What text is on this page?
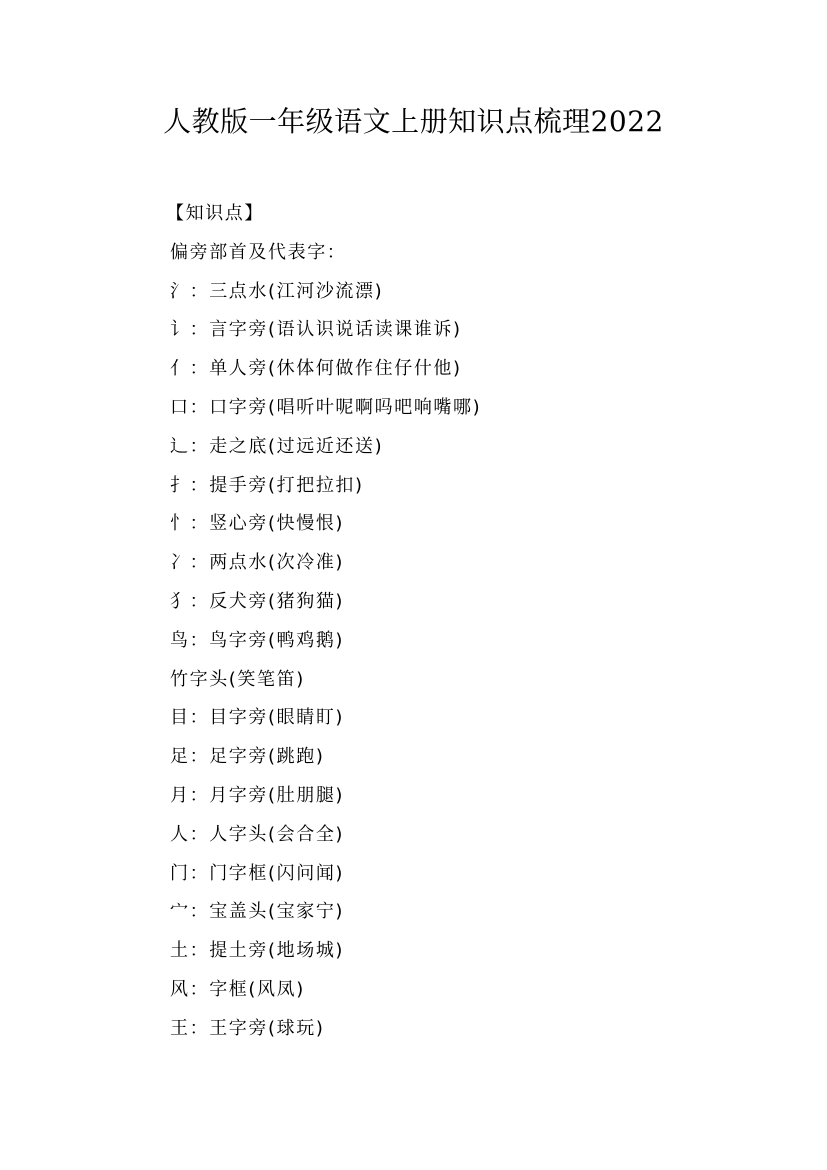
人教版一年级语文上册知识点梳理2022
【知识点】
偏旁部首及代表字：
氵：三点水(江河沙流漂)
讠：言字旁(语认识说话读课谁诉)
亻：单人旁(休体何做作住仔什他)
口：口字旁(唱听叶呢啊吗吧响嘴哪)
辶：走之底(过远近还送)
扌：提手旁(打把拉扣)
忄：竖心旁(快慢恨)
冫：两点水(次冷准)
犭：反犬旁(猪狗猫)
鸟：鸟字旁(鸭鸡鹅)
竹字头(笑笔笛)
目：目字旁(眼睛盯)
足：足字旁(跳跑)
月：月字旁(肚朋腿)
人：人字头(会合全)
门：门字框(闪问闻)
宀：宝盖头(宝家宁)
土：提土旁(地场城)
风：字框(风凤)
王：王字旁(球玩)
